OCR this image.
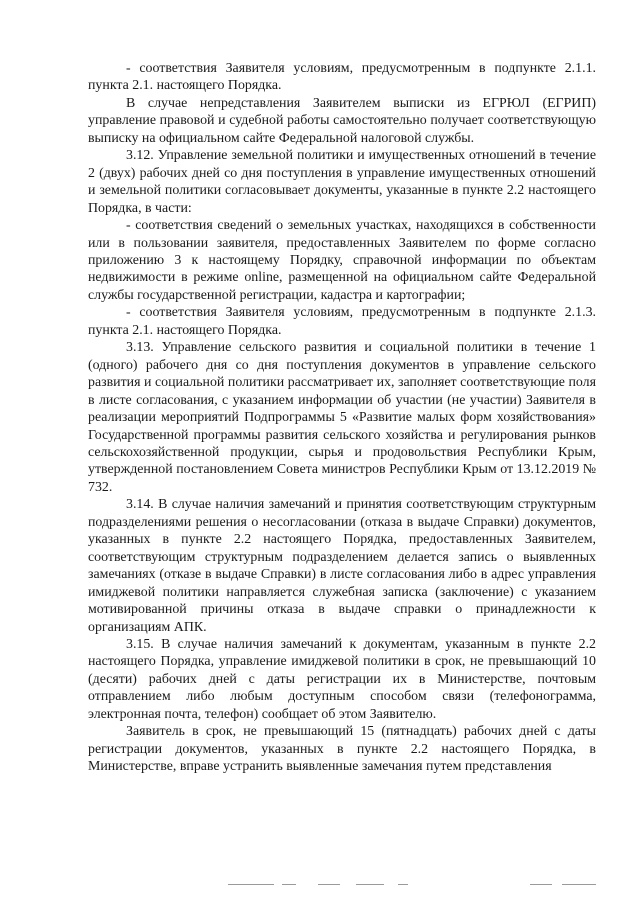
- соответствия Заявителя условиям, предусмотренным в подпункте 2.1.1. пункта 2.1. настоящего Порядка.

В случае непредставления Заявителем выписки из ЕГРЮЛ (ЕГРИП) управление правовой и судебной работы самостоятельно получает соответствующую выписку на официальном сайте Федеральной налоговой службы.

3.12. Управление земельной политики и имущественных отношений в течение 2 (двух) рабочих дней со дня поступления в управление имущественных отношений и земельной политики согласовывает документы, указанные в пункте 2.2 настоящего Порядка, в части:

- соответствия сведений о земельных участках, находящихся в собственности или в пользовании заявителя, предоставленных Заявителем по форме согласно приложению 3 к настоящему Порядку, справочной информации по объектам недвижимости в режиме online, размещенной на официальном сайте Федеральной службы государственной регистрации, кадастра и картографии;

- соответствия Заявителя условиям, предусмотренным в подпункте 2.1.3. пункта 2.1. настоящего Порядка.

3.13. Управление сельского развития и социальной политики в течение 1 (одного) рабочего дня со дня поступления документов в управление сельского развития и социальной политики рассматривает их, заполняет соответствующие поля в листе согласования, с указанием информации об участии (не участии) Заявителя в реализации мероприятий Подпрограммы 5 «Развитие малых форм хозяйствования» Государственной программы развития сельского хозяйства и регулирования рынков сельскохозяйственной продукции, сырья и продовольствия Республики Крым, утвержденной постановлением Совета министров Республики Крым от 13.12.2019 № 732.

3.14. В случае наличия замечаний и принятия соответствующим структурным подразделениями решения о несогласовании (отказа в выдаче Справки) документов, указанных в пункте 2.2 настоящего Порядка, предоставленных Заявителем, соответствующим структурным подразделением делается запись о выявленных замечаниях (отказе в выдаче Справки) в листе согласования либо в адрес управления имиджевой политики направляется служебная записка (заключение) с указанием мотивированной причины отказа в выдаче справки о принадлежности к организациям АПК.

3.15. В случае наличия замечаний к документам, указанным в пункте 2.2 настоящего Порядка, управление имиджевой политики в срок, не превышающий 10 (десяти) рабочих дней с даты регистрации их в Министерстве, почтовым отправлением либо любым доступным способом связи (телефонограмма, электронная почта, телефон) сообщает об этом Заявителю.

Заявитель в срок, не превышающий 15 (пятнадцать) рабочих дней с даты регистрации документов, указанных в пункте 2.2 настоящего Порядка, в Министерстве, вправе устранить выявленные замечания путем представления
